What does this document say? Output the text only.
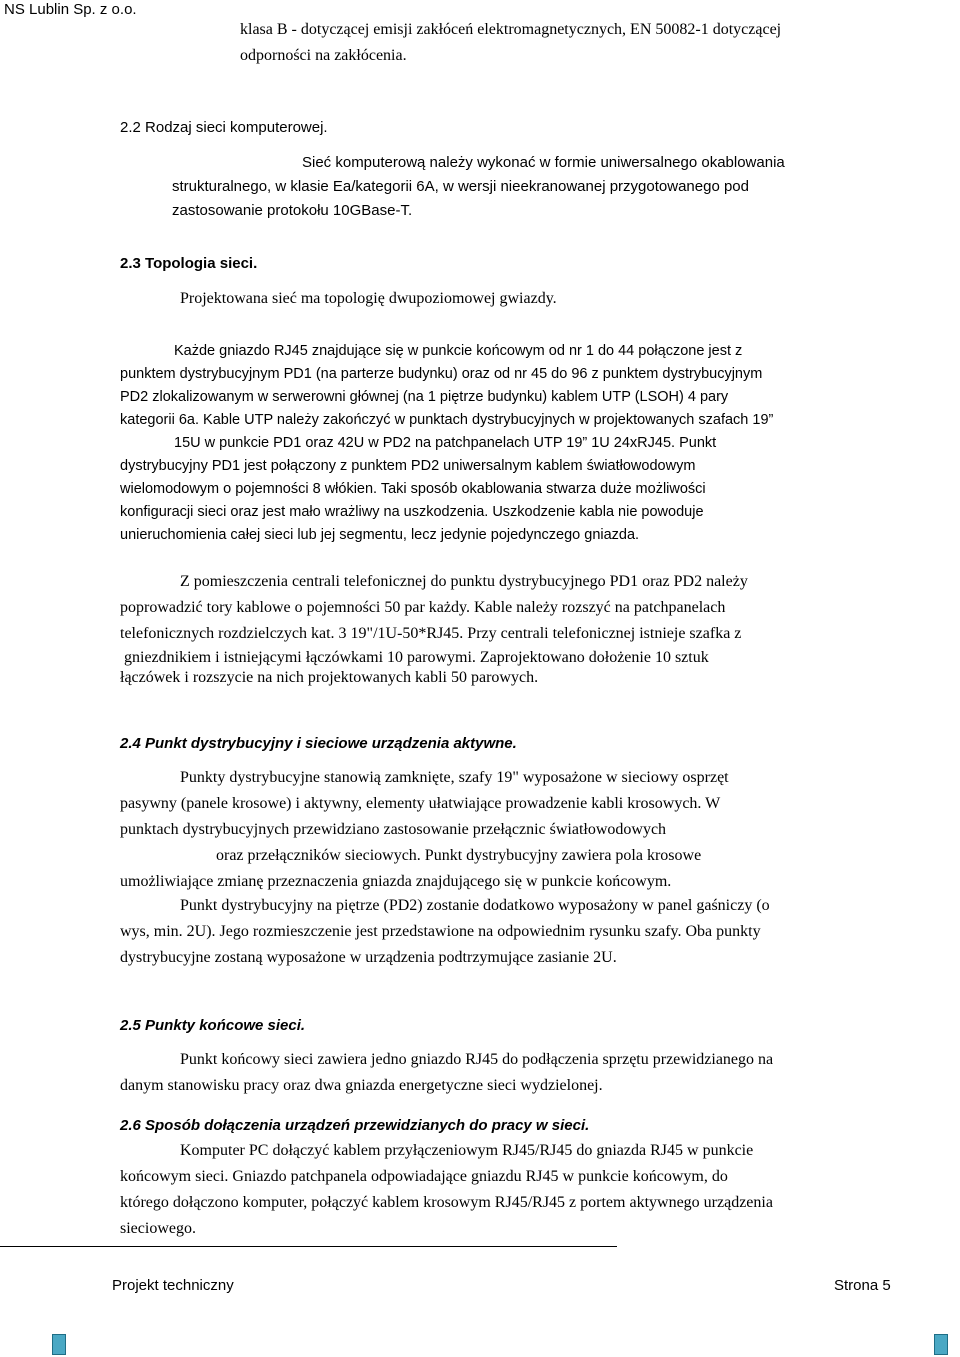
NS Lublin Sp. z o.o.
klasa B - dotyczącej emisji zakłóceń elektromagnetycznych, EN 50082-1 dotyczącej
odporności na zakłócenia.
2.2 Rodzaj sieci komputerowej.
Sieć komputerową należy wykonać w formie uniwersalnego okablowania
strukturalnego, w klasie Ea/kategorii 6A, w wersji nieekranowanej przygotowanego pod
zastosowanie protokołu 10GBase-T.
2.3 Topologia sieci.
Projektowana sieć ma topologię dwupoziomowej gwiazdy.
Każde gniazdo RJ45 znajdujące się w punkcie końcowym od nr 1 do 44 połączone jest z
punktem dystrybucyjnym PD1 (na parterze budynku) oraz od nr 45 do 96 z punktem dystrybucyjnym
PD2 zlokalizowanym w serwerowni głównej (na 1 piętrze budynku) kablem UTP (LSOH) 4 pary
kategorii 6a. Kable UTP należy zakończyć w punktach dystrybucyjnych w projektowanych szafach 19”
15U w punkcie PD1 oraz 42U w PD2 na patchpanelach UTP 19” 1U 24xRJ45. Punkt
dystrybucyjny PD1 jest połączony z punktem PD2 uniwersalnym kablem światłowodowym
wielomodowym o pojemności 8 włókien. Taki sposób okablowania stwarza duże możliwości
konfiguracji sieci oraz jest mało wrażliwy na uszkodzenia. Uszkodzenie kabla nie powoduje
unieruchomienia całej sieci lub jej segmentu, lecz jedynie pojedynczego gniazda.
Z pomieszczenia centrali telefonicznej do punktu dystrybucyjnego PD1 oraz PD2 należy
poprowadzić tory kablowe o pojemności 50 par każdy. Kable należy rozszyć na patchpanelach
telefonicznych rozdzielczych kat. 3 19"/1U-50*RJ45. Przy centrali telefonicznej istnieje szafka z
gniezdnikiem i istniejącymi łączówkami 10 parowymi. Zaprojektowano dołożenie 10 sztuk
łączówek i rozszycie na nich projektowanych kabli 50 parowych.
2.4 Punkt dystrybucyjny i sieciowe urządzenia aktywne.
Punkty dystrybucyjne stanowią zamknięte, szafy 19" wyposażone w sieciowy osprzęt
pasywny (panele krosowe) i aktywny, elementy ułatwiające prowadzenie kabli krosowych. W
punktach dystrybucyjnych przewidziano zastosowanie przełącznic światłowodowych
oraz przełączników sieciowych. Punkt dystrybucyjny zawiera pola krosowe
umożliwiające zmianę przeznaczenia gniazda znajdującego się w punkcie końcowym.
Punkt dystrybucyjny na piętrze (PD2) zostanie dodatkowo wyposażony w panel gaśniczy (o
wys, min. 2U). Jego rozmieszczenie jest przedstawione na odpowiednim rysunku szafy. Oba punkty
dystrybucyjne zostaną wyposażone w urządzenia podtrzymujące zasianie 2U.
2.5 Punkty końcowe sieci.
Punkt końcowy sieci zawiera jedno gniazdo RJ45 do podłączenia sprzętu przewidzianego na
danym stanowisku pracy oraz dwa gniazda energetyczne sieci wydzielonej.
2.6 Sposób dołączenia urządzeń przewidzianych do pracy w sieci.
Komputer PC dołączyć kablem przyłączeniowym RJ45/RJ45 do gniazda RJ45 w punkcie
końcowym sieci. Gniazdo patchpanela odpowiadające gniazdu RJ45 w punkcie końcowym, do
którego dołączono komputer, połączyć kablem krosowym RJ45/RJ45 z portem aktywnego urządzenia
sieciowego.
Projekt techniczny	Strona 5
